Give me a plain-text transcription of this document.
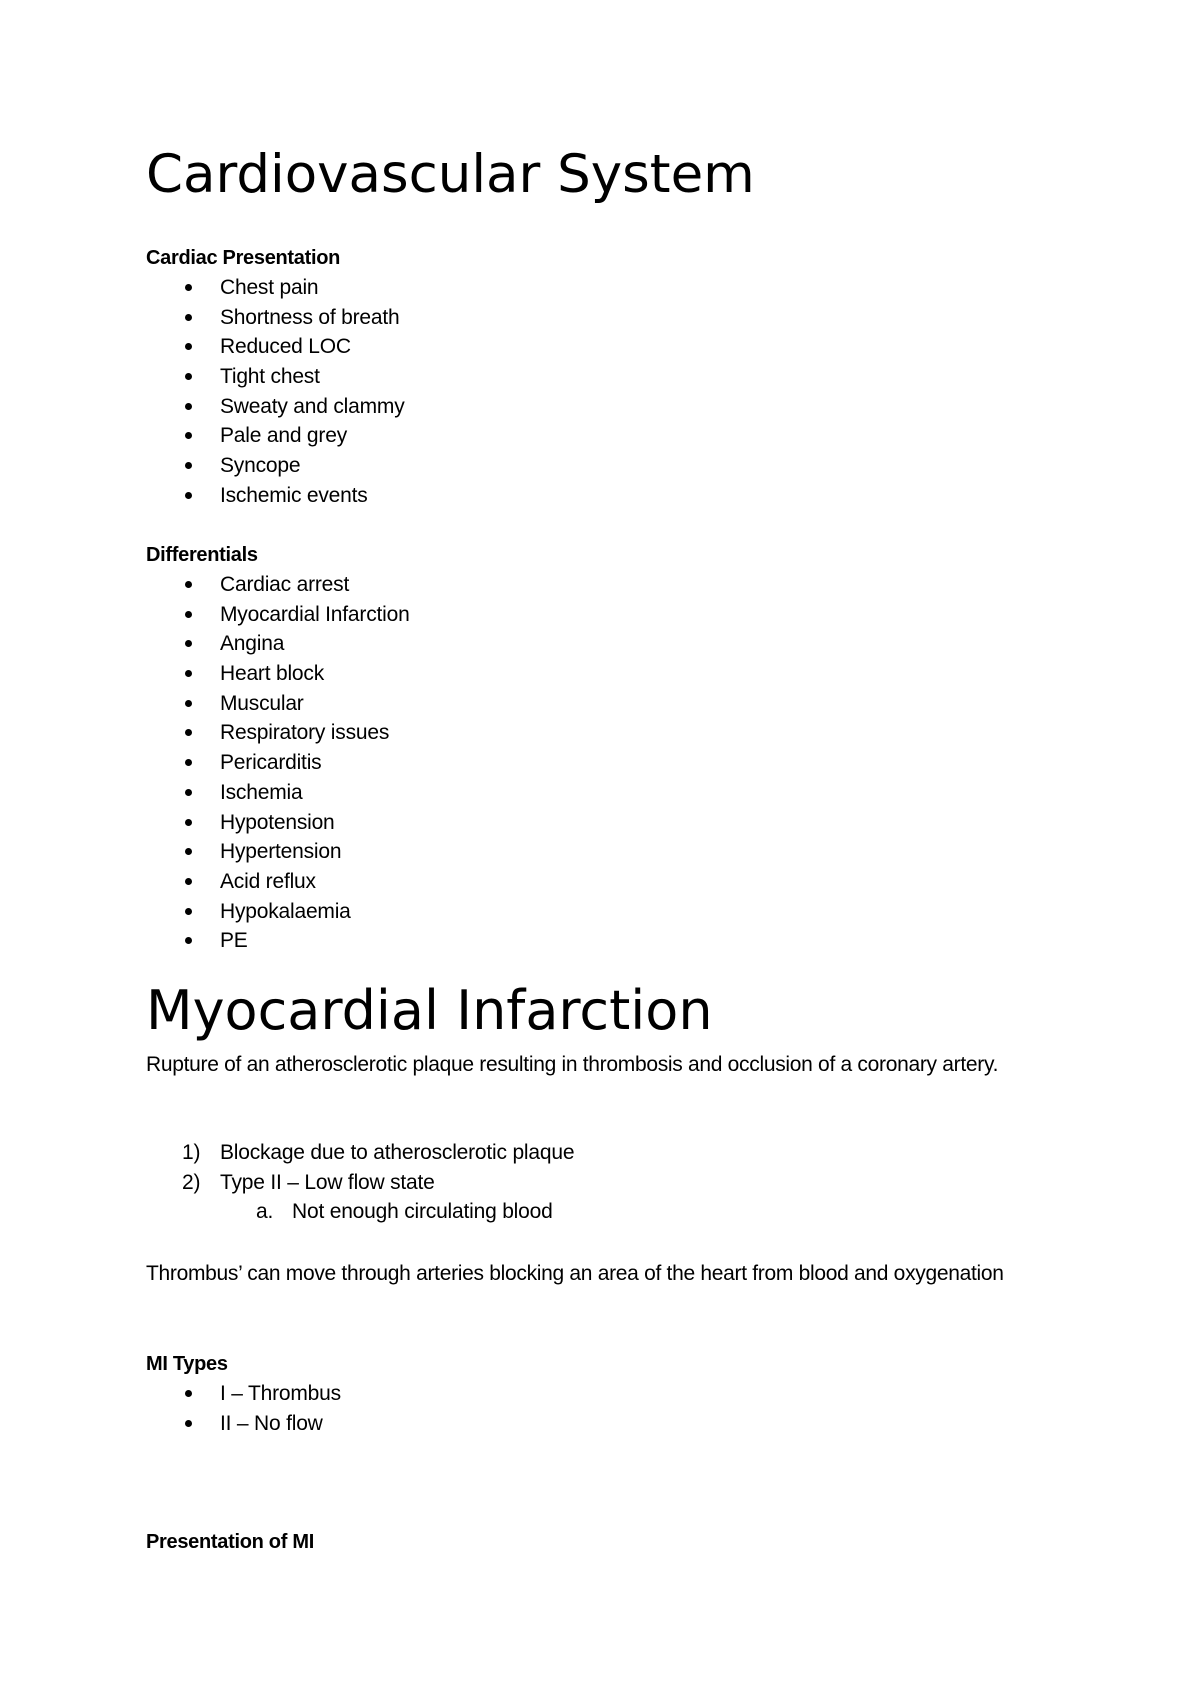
Cardiovascular System
Cardiac Presentation
Chest pain
Shortness of breath
Reduced LOC
Tight chest
Sweaty and clammy
Pale and grey
Syncope
Ischemic events
Differentials
Cardiac arrest
Myocardial Infarction
Angina
Heart block
Muscular
Respiratory issues
Pericarditis
Ischemia
Hypotension
Hypertension
Acid reflux
Hypokalaemia
PE
Myocardial Infarction

Rupture of an atherosclerotic plaque resulting in thrombosis and occlusion of a coronary artery.

1) Blockage due to atherosclerotic plaque
2) Type II – Low flow state
a. Not enough circulating blood

Thrombus’ can move through arteries blocking an area of the heart from blood and oxygenation

MI Types
I – Thrombus
II – No flow
Presentation of MI
